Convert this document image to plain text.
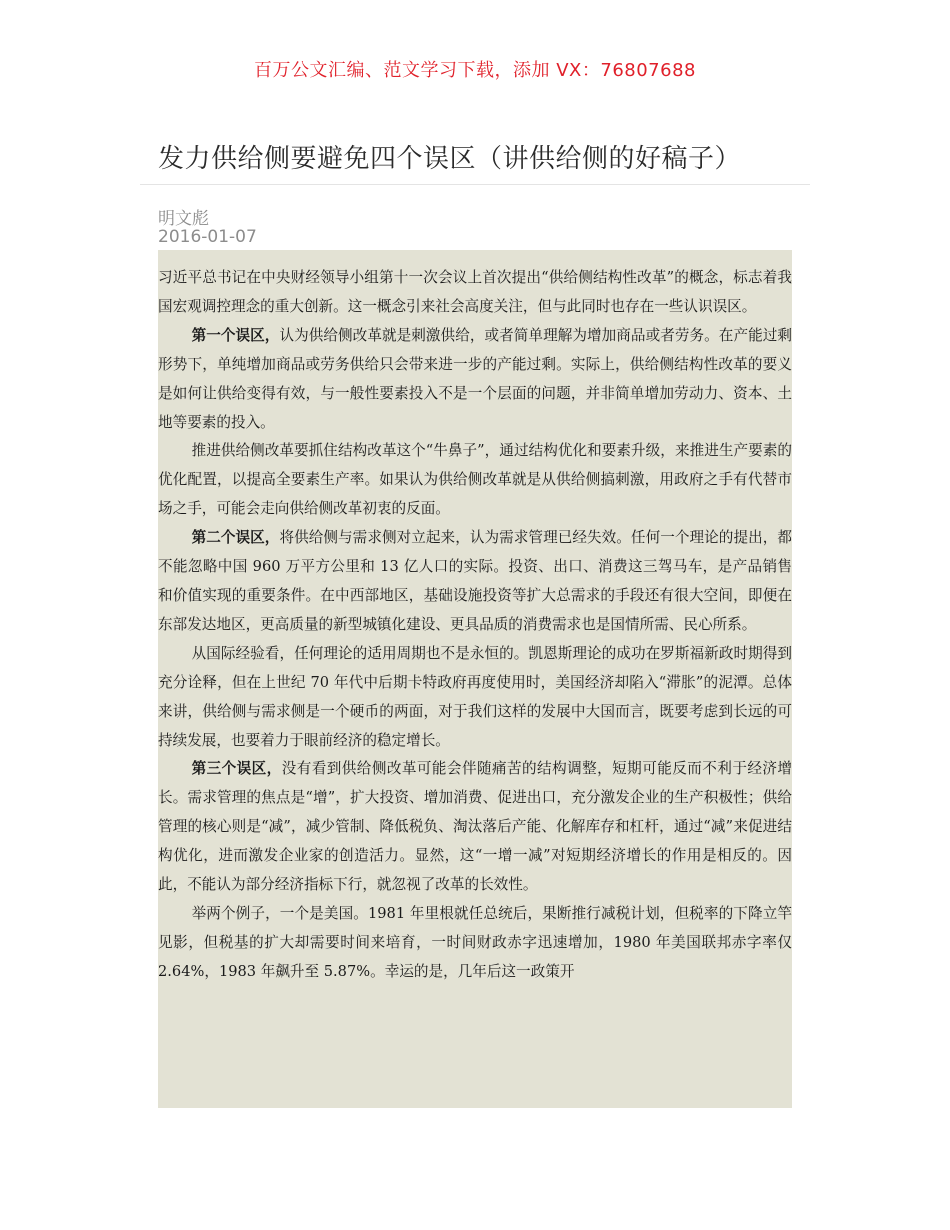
百万公文汇编、范文学习下载，添加 VX：76807688
发力供给侧要避免四个误区（讲供给侧的好稿子）
明文彪
2016-01-07

习近平总书记在中央财经领导小组第十一次会议上首次提出“供给侧结构性改革”的概念，标志着我国宏观调控理念的重大创新。这一概念引来社会高度关注，但与此同时也存在一些认识误区。

第一个误区，认为供给侧改革就是刺激供给，或者简单理解为增加商品或者劳务。在产能过剩形势下，单纯增加商品或劳务供给只会带来进一步的产能过剩。实际上，供给侧结构性改革的要义是如何让供给变得有效，与一般性要素投入不是一个层面的问题，并非简单增加劳动力、资本、土地等要素的投入。

推进供给侧改革要抓住结构改革这个“牛鼻子”，通过结构优化和要素升级，来推进生产要素的优化配置，以提高全要素生产率。如果认为供给侧改革就是从供给侧搞刺激，用政府之手有代替市场之手，可能会走向供给侧改革初衷的反面。

第二个误区，将供给侧与需求侧对立起来，认为需求管理已经失效。任何一个理论的提出，都不能忽略中国 960 万平方公里和 13 亿人口的实际。投资、出口、消费这三驾马车，是产品销售和价值实现的重要条件。在中西部地区，基础设施投资等扩大总需求的手段还有很大空间，即便在东部发达地区，更高质量的新型城镇化建设、更具品质的消费需求也是国情所需、民心所系。

从国际经验看，任何理论的适用周期也不是永恒的。凯恩斯理论的成功在罗斯福新政时期得到充分诠释，但在上世纪 70 年代中后期卡特政府再度使用时，美国经济却陷入“滞胀”的泥潭。总体来讲，供给侧与需求侧是一个硬币的两面，对于我们这样的发展中大国而言，既要考虑到长远的可持续发展，也要着力于眼前经济的稳定增长。

第三个误区，没有看到供给侧改革可能会伴随痛苦的结构调整，短期可能反而不利于经济增长。需求管理的焦点是“增”，扩大投资、增加消费、促进出口，充分激发企业的生产积极性；供给管理的核心则是“减”，减少管制、降低税负、淘汰落后产能、化解库存和杠杆，通过“减”来促进结构优化，进而激发企业家的创造活力。显然，这“一增一减”对短期经济增长的作用是相反的。因此，不能认为部分经济指标下行，就忽视了改革的长效性。

举两个例子，一个是美国。1981 年里根就任总统后，果断推行减税计划，但税率的下降立竿见影，但税基的扩大却需要时间来培育，一时间财政赤字迅速增加，1980 年美国联邦赤字率仅 2.64%，1983 年飙升至 5.87%。幸运的是，几年后这一政策开
